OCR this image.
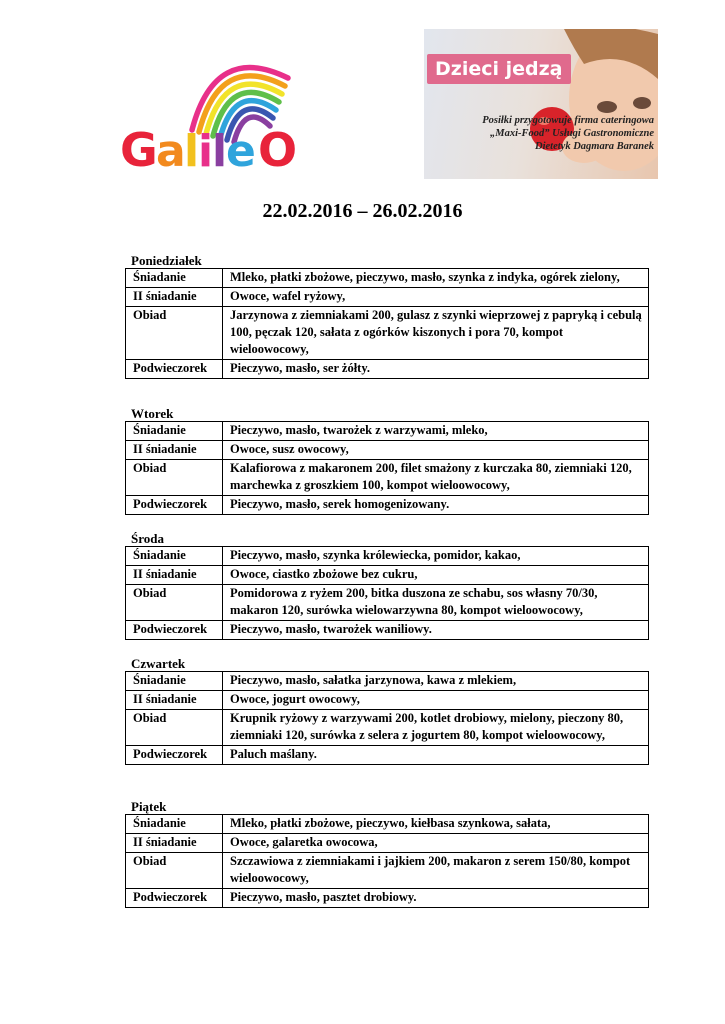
G
a
l
i
l
e O
Dzieci jedzą
Posiłki przygotowuje firma cateringowa
„Maxi-Food” Usługi Gastronomiczne
Dietetyk Dagmara Baranek
22.02.2016 – 26.02.2016
Poniedziałek
Śniadanie	Mleko, płatki zbożowe, pieczywo, masło, szynka z indyka, ogórek zielony,
II śniadanie	Owoce, wafel ryżowy,
Obiad	Jarzynowa z ziemniakami 200, gulasz z szynki wieprzowej z papryką i cebulą 100, pęczak 120, sałata z ogórków kiszonych i pora 70, kompot wieloowocowy,
Podwieczorek	Pieczywo, masło, ser żółty.
Wtorek
Śniadanie	Pieczywo, masło, twarożek z warzywami, mleko,
II śniadanie	Owoce, susz owocowy,
Obiad	Kalafiorowa z makaronem 200, filet smażony z kurczaka 80, ziemniaki 120, marchewka z groszkiem 100, kompot wieloowocowy,
Podwieczorek	Pieczywo, masło, serek homogenizowany.
Środa
Śniadanie	Pieczywo, masło, szynka królewiecka, pomidor, kakao,
II śniadanie	Owoce, ciastko zbożowe bez cukru,
Obiad	Pomidorowa z ryżem 200, bitka duszona ze schabu, sos własny 70/30, makaron 120, surówka wielowarzywna 80, kompot wieloowocowy,
Podwieczorek	Pieczywo, masło, twarożek waniliowy.
Czwartek
Śniadanie	Pieczywo, masło, sałatka jarzynowa, kawa z mlekiem,
II śniadanie	Owoce, jogurt owocowy,
Obiad	Krupnik ryżowy z warzywami 200, kotlet drobiowy, mielony, pieczony 80, ziemniaki 120, surówka z selera z jogurtem 80, kompot wieloowocowy,
Podwieczorek	Paluch maślany.
Piątek
Śniadanie	Mleko, płatki zbożowe, pieczywo, kiełbasa szynkowa, sałata,
II śniadanie	Owoce, galaretka owocowa,
Obiad	Szczawiowa z ziemniakami i jajkiem 200, makaron z serem 150/80, kompot wieloowocowy,
Podwieczorek	Pieczywo, masło, pasztet drobiowy.
